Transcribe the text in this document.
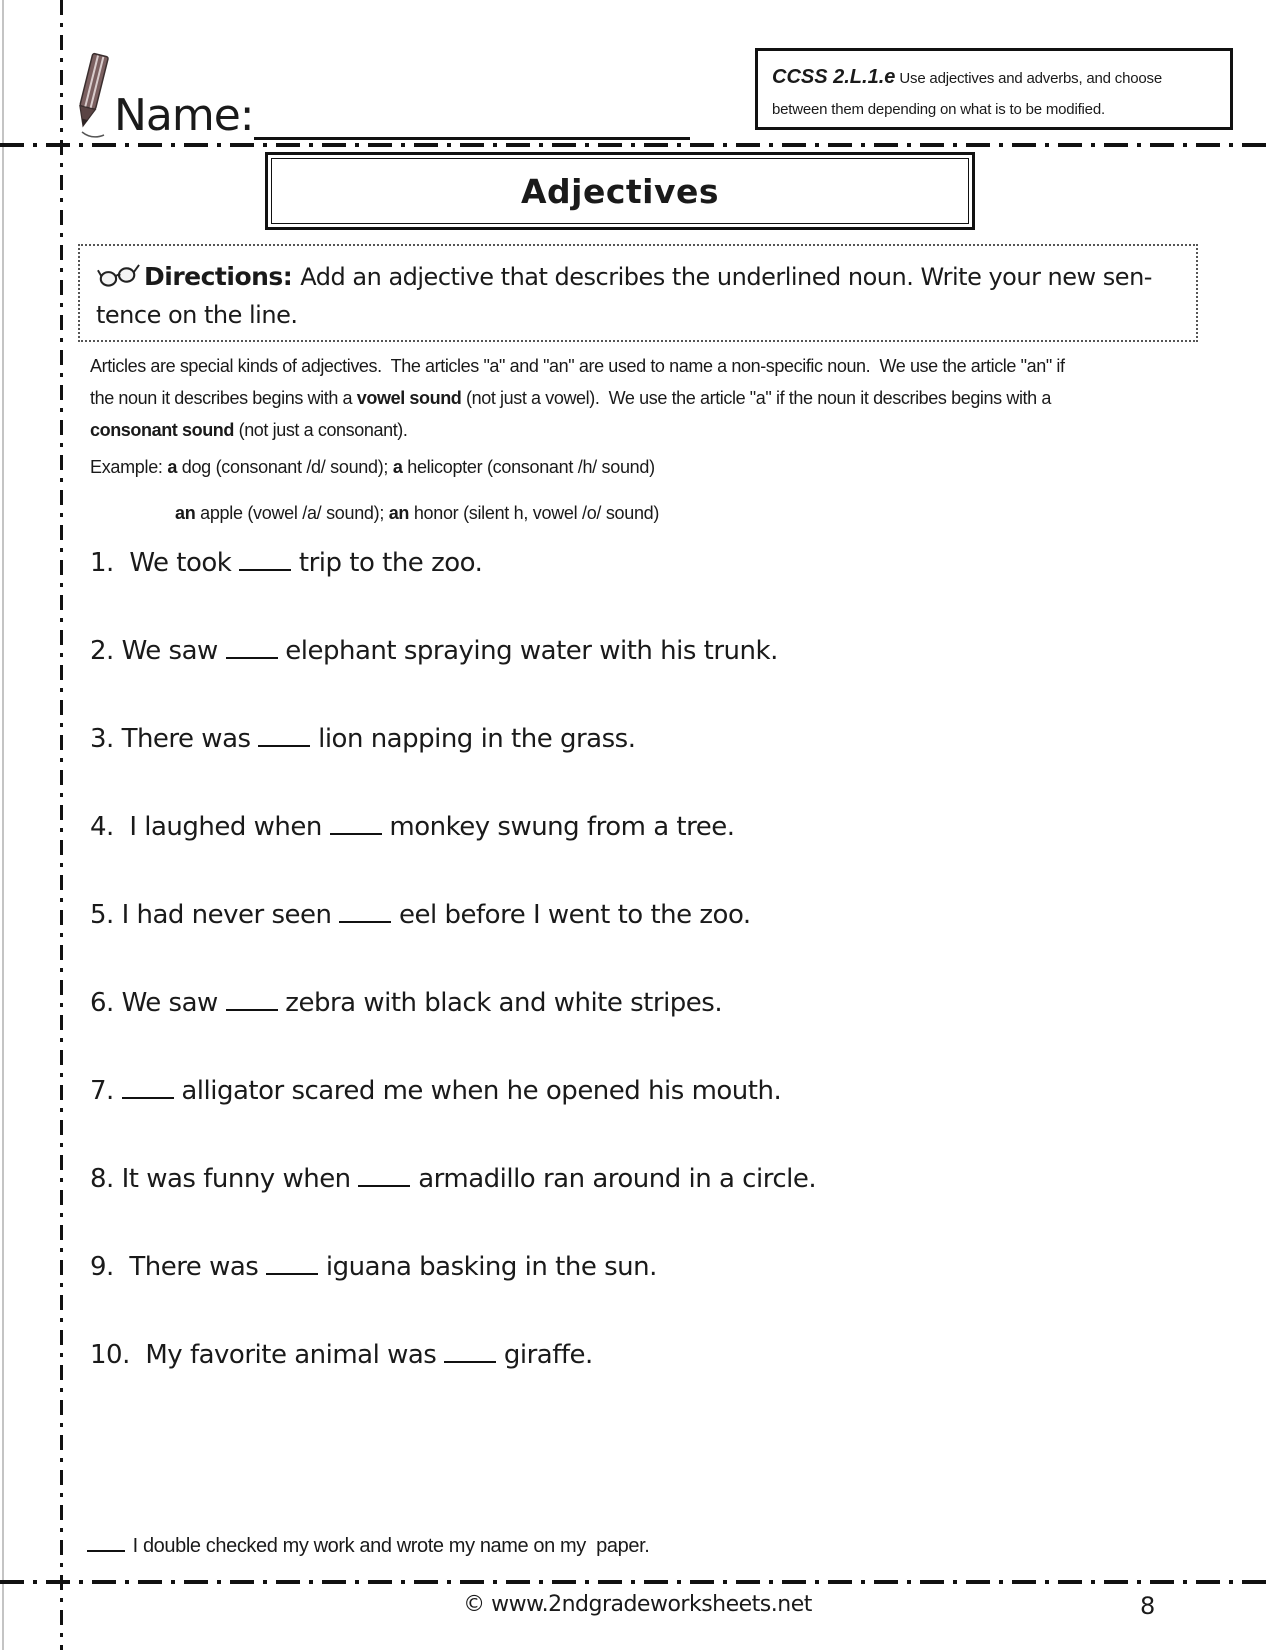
Name:
CCSS 2.L.1.e Use adjectives and adverbs, and choose between them depending on what is to be modified.
Adjectives
Directions: Add an adjective that describes the underlined noun. Write your new sen-
tence on the line.
Articles are special kinds of adjectives.  The articles "a" and "an" are used to name a non-specific noun.  We use the article "an" if
the noun it describes begins with a vowel sound (not just a vowel).  We use the article "a" if the noun it describes begins with a
consonant sound (not just a consonant).
Example: a dog (consonant /d/ sound); a helicopter (consonant /h/ sound)
an apple (vowel /a/ sound); an honor (silent h, vowel /o/ sound)
1.  We took  trip to the zoo.
2. We saw  elephant spraying water with his trunk.
3. There was  lion napping in the grass.
4.  I laughed when  monkey swung from a tree.
5. I had never seen  eel before I went to the zoo.
6. We saw  zebra with black and white stripes.
7.  alligator scared me when he opened his mouth.
8. It was funny when  armadillo ran around in a circle.
9.  There was  iguana basking in the sun.
10.  My favorite animal was  giraffe.

I double checked my work and wrote my name on my  paper.

© www.2ndgradeworksheets.net	8
